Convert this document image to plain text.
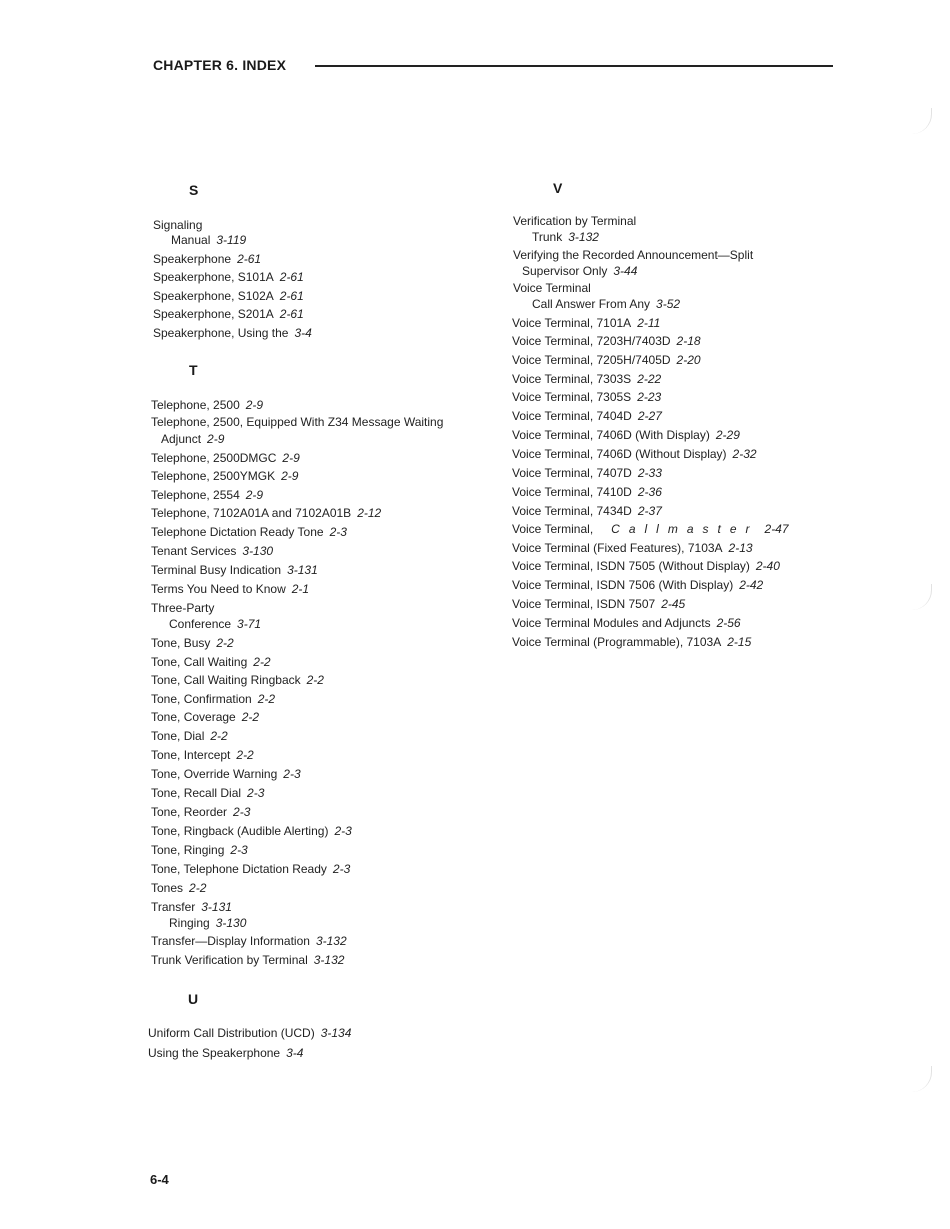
CHAPTER 6. INDEX
S
Signaling
Manual 3-119
Speakerphone 2-61
Speakerphone, S101A 2-61
Speakerphone, S102A 2-61
Speakerphone, S201A 2-61
Speakerphone, Using the 3-4
T
Telephone, 2500 2-9
Telephone, 2500, Equipped With Z34 Message Waiting
Adjunct 2-9
Telephone, 2500DMGC 2-9
Telephone, 2500YMGK 2-9
Telephone, 2554 2-9
Telephone, 7102A01A and 7102A01B 2-12
Telephone Dictation Ready Tone 2-3
Tenant Services 3-130
Terminal Busy Indication 3-131
Terms You Need to Know 2-1
Three-Party
Conference 3-71
Tone, Busy 2-2
Tone, Call Waiting 2-2
Tone, Call Waiting Ringback 2-2
Tone, Confirmation 2-2
Tone, Coverage 2-2
Tone, Dial 2-2
Tone, Intercept 2-2
Tone, Override Warning 2-3
Tone, Recall Dial 2-3
Tone, Reorder 2-3
Tone, Ringback (Audible Alerting) 2-3
Tone, Ringing 2-3
Tone, Telephone Dictation Ready 2-3
Tones 2-2
Transfer 3-131
Ringing 3-130
Transfer—Display Information 3-132
Trunk Verification by Terminal 3-132
U
Uniform Call Distribution (UCD) 3-134
Using the Speakerphone 3-4
V
Verification by Terminal
Trunk 3-132
Verifying the Recorded Announcement—Split
Supervisor Only 3-44
Voice Terminal
Call Answer From Any 3-52
Voice Terminal, 7101A 2-11
Voice Terminal, 7203H/7403D 2-18
Voice Terminal, 7205H/7405D 2-20
Voice Terminal, 7303S 2-22
Voice Terminal, 7305S 2-23
Voice Terminal, 7404D 2-27
Voice Terminal, 7406D (With Display) 2-29
Voice Terminal, 7406D (Without Display) 2-32
Voice Terminal, 7407D 2-33
Voice Terminal, 7410D 2-36
Voice Terminal, 7434D 2-37
Voice Terminal, Callmaster 2-47
Voice Terminal (Fixed Features), 7103A 2-13
Voice Terminal, ISDN 7505 (Without Display) 2-40
Voice Terminal, ISDN 7506 (With Display) 2-42
Voice Terminal, ISDN 7507 2-45
Voice Terminal Modules and Adjuncts 2-56
Voice Terminal (Programmable), 7103A 2-15
6-4
